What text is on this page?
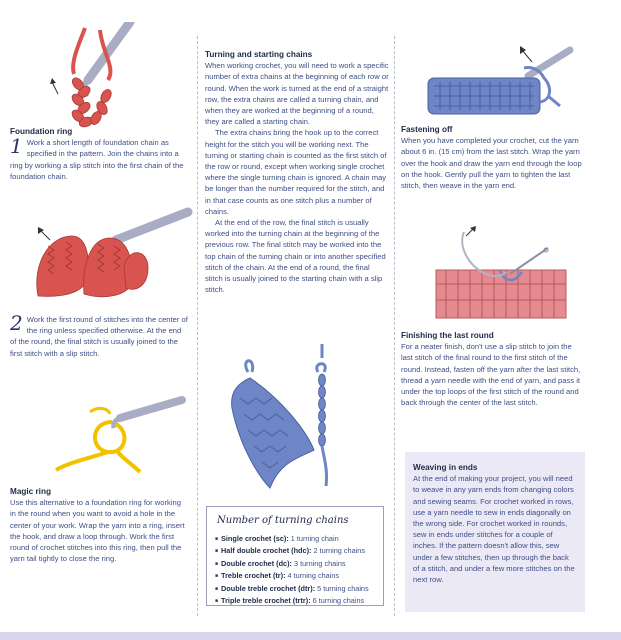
Foundation ring

1 Work a short length of foundation chain as specified in the pattern. Join the chains into a ring by working a slip stitch into the first chain of the foundation chain.

2 Work the first round of stitches into the center of the ring unless specified otherwise. At the end of the round, the final stitch is usually joined to the first stitch with a slip stitch.

Magic ring

Use this alternative to a foundation ring for working in the round when you want to avoid a hole in the center of your work. Wrap the yarn into a ring, insert the hook, and draw a loop through. Work the first round of crochet stitches into this ring, then pull the yarn tail tightly to close the ring.

Turning and starting chains

When working crochet, you will need to work a specific number of extra chains at the beginning of each row or round. When the work is turned at the end of a straight row, the extra chains are called a turning chain, and when they are worked at the beginning of a round, they are called a starting chain.

The extra chains bring the hook up to the correct height for the stitch you will be working next. The turning or starting chain is counted as the first stitch of the row or round, except when working single crochet where the single turning chain is ignored. A chain may be longer than the number required for the stitch, and in that case counts as one stitch plus a number of chains.

At the end of the row, the final stitch is usually worked into the turning chain at the beginning of the previous row. The final stitch may be worked into the top chain of the turning chain or into another specified stitch of the chain. At the end of a round, the final stitch is usually joined to the starting chain with a slip stitch.

Number of turning chains
■ Single crochet (sc): 1 turning chain
■ Half double crochet (hdc): 2 turning chains
■ Double crochet (dc): 3 turning chains
■ Treble crochet (tr): 4 turning chains
■ Double treble crochet (dtr): 5 turning chains
■ Triple treble crochet (trtr): 6 turning chains

Fastening off

When you have completed your crochet, cut the yarn about 6 in. (15 cm) from the last stitch. Wrap the yarn over the hook and draw the yarn end through the loop on the hook. Gently pull the yarn to tighten the last stitch, then weave in the yarn end.

Finishing the last round

For a neater finish, don't use a slip stitch to join the last stitch of the final round to the first stitch of the round. Instead, fasten off the yarn after the last stitch, thread a yarn needle with the end of yarn, and pass it under the top loops of the first stitch of the round and back through the center of the last stitch.

Weaving in ends

At the end of making your project, you will need to weave in any yarn ends from changing colors and sewing seams. For crochet worked in rows, use a yarn needle to sew in ends diagonally on the wrong side. For crochet worked in rounds, sew in ends under stitches for a couple of inches. If the pattern doesn't allow this, sew under a few stitches, then up through the back of a stitch, and under a few more stitches on the next row.
